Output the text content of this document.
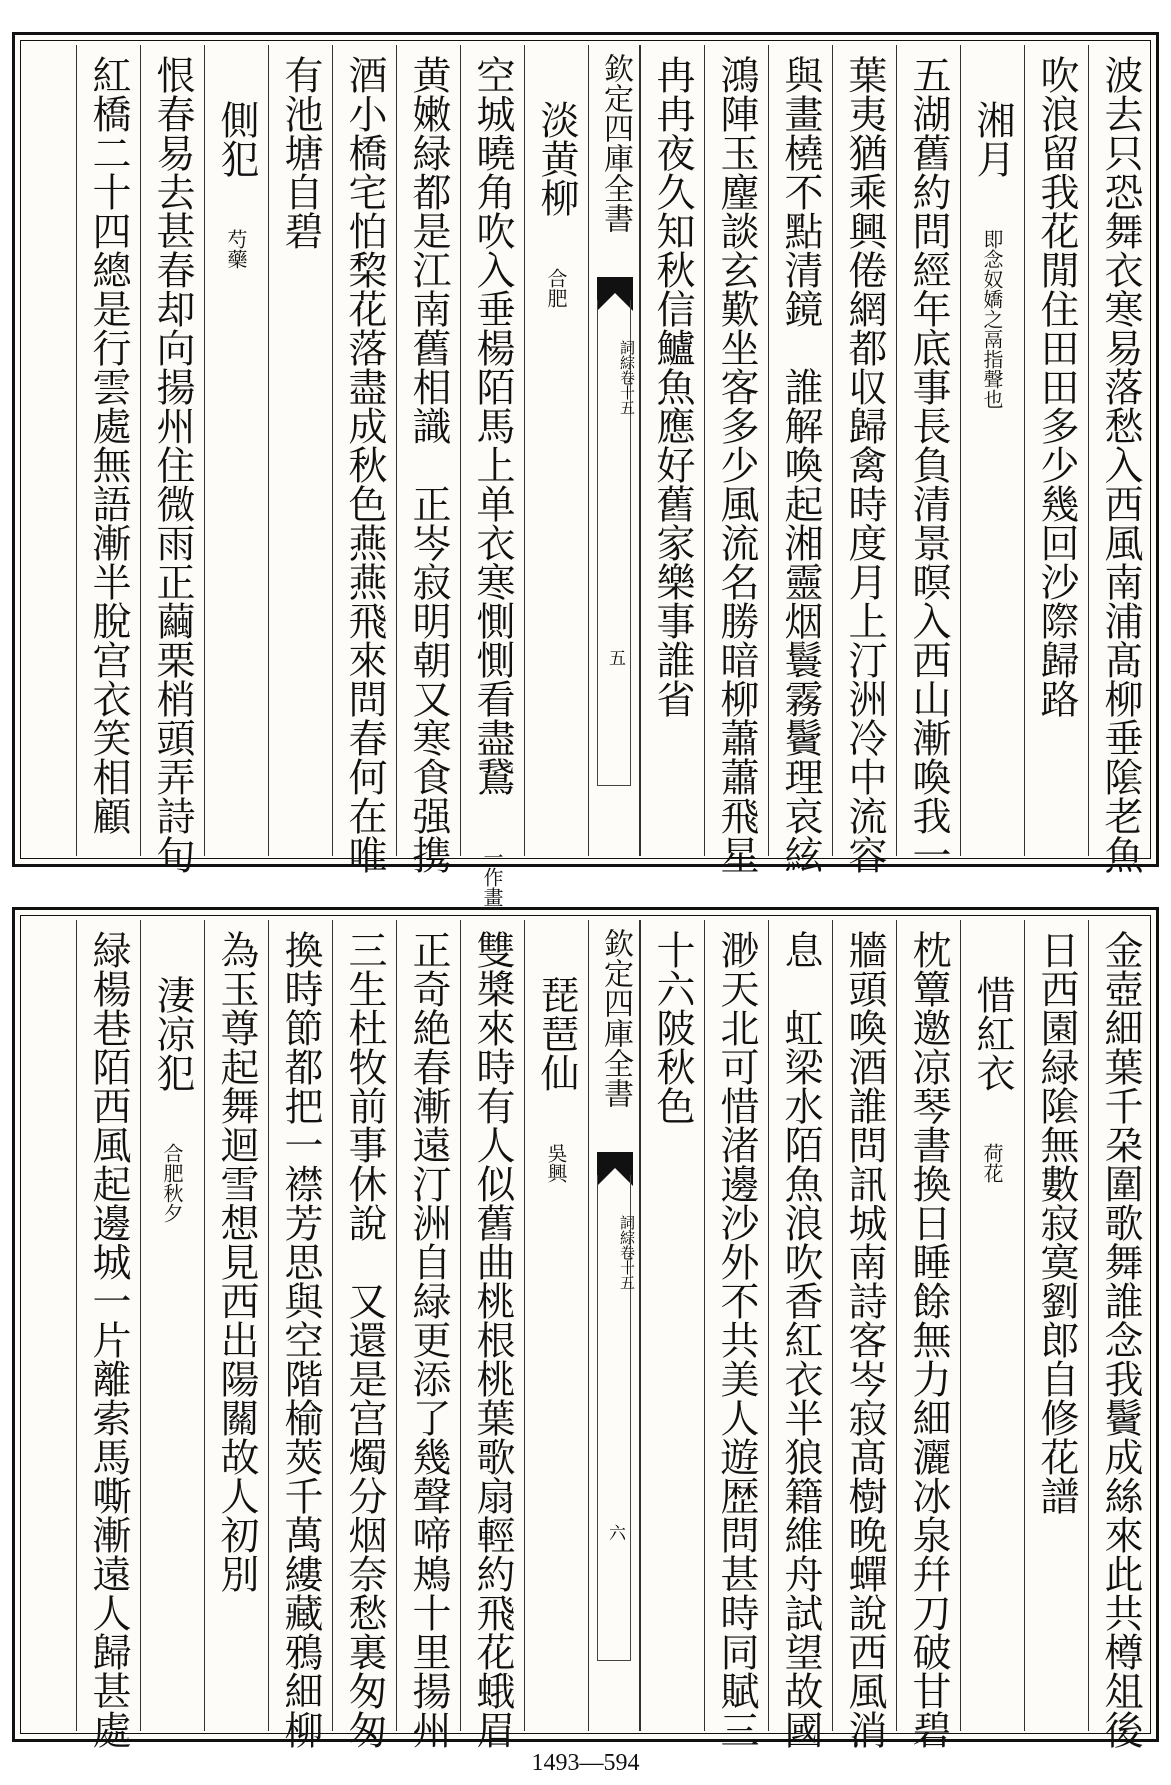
波去只恐舞衣寒易落愁入西風南浦髙柳垂隂老魚
吹浪留我花閒住田田多少幾回沙際歸路
湘月 即念奴嬌之鬲指聲也
五湖舊約問經年底事長負清景暝入西山漸喚我一
葉夷猶乘興倦網都収歸禽時度月上汀洲冷中流容
與畫橈不點清鏡　誰解喚起湘靈烟鬟霧鬢理哀絃
鴻陣玉麈談玄歎坐客多少風流名勝暗柳蕭蕭飛星
冉冉夜久知秋信鱸魚應好舊家樂事誰省
欽定四庫全書
詞綜卷十五
五
淡黄柳 合肥
空城曉角吹入垂楊陌馬上单衣寒惻惻看盡鵞 一作畫
黄嫩緑都是江南舊相識　正岑寂明朝又寒食强携
酒小橋宅怕棃花落盡成秋色燕燕飛來問春何在唯
有池塘自碧
側犯 芍藥
恨春易去甚春却向揚州住微雨正繭栗梢頭弄詩句
紅橋二十四總是行雲處無語漸半脫宫衣笑相顧
金壺細葉千朶圍歌舞誰念我鬢成絲來此共樽俎後
日西園緑隂無數寂寞劉郎自修花譜
惜紅衣 荷花
枕簟邀凉琴書換日睡餘無力細灑冰泉幷刀破甘碧
牆頭喚酒誰問訊城南詩客岑寂髙樹晚蟬說西風消
息　虹梁水陌魚浪吹香紅衣半狼籍維舟試望故國
渺天北可惜渚邊沙外不共美人遊歴問甚時同賦三
十六陂秋色
欽定四庫全書
詞綜卷十五
六
琵琶仙 吳興
雙槳來時有人似舊曲桃根桃葉歌扇輕約飛花蛾眉
正奇絶春漸遠汀洲自緑更添了幾聲啼鴂十里揚州
三生杜牧前事休說　又還是宫燭分烟奈愁裏匆匆
換時節都把一襟芳思與空階榆莢千萬縷藏鴉細柳
為玉尊起舞迴雪想見西出陽關故人初別
淒凉犯 合肥秋夕
緑楊巷陌西風起邊城一片離索馬嘶漸遠人歸甚處
1493—594
